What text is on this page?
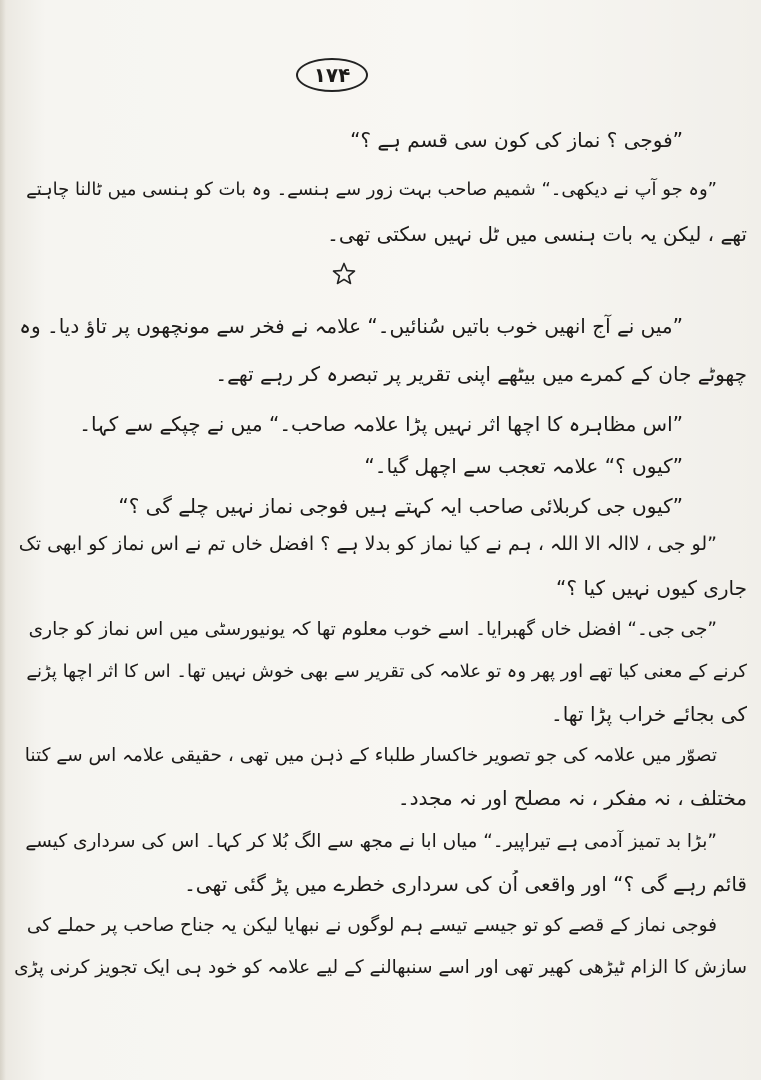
۱۷۴
”فوجی ؟ نماز کی کون سی قسم ہے ؟“
”وہ جو آپ نے دیکھی۔“ شمیم صاحب بہت زور سے ہنسے۔ وہ بات کو ہنسی میں ٹالنا چاہتے
تھے ، لیکن یہ بات ہنسی میں ٹل نہیں سکتی تھی۔
”میں نے آج انھیں خوب باتیں سُنائیں۔“ علامہ نے فخر سے مونچھوں پر تاؤ دیا۔ وہ
چھوٹے جان کے کمرے میں بیٹھے اپنی تقریر پر تبصرہ کر رہے تھے۔
”اس مظاہرہ کا اچھا اثر نہیں پڑا علامہ صاحب۔“ میں نے چپکے سے کہا۔
”کیوں ؟“ علامہ تعجب سے اچھل گیا۔“
”کیوں جی کربلائی صاحب ایہ کہتے ہیں فوجی نماز نہیں چلے گی ؟“
”لو جی ، لاالہ الا اللہ ، ہم نے کیا نماز کو بدلا ہے ؟ افضل خاں تم نے اس نماز کو ابھی تک
جاری کیوں نہیں کیا ؟“
”جی جی۔“ افضل خاں گھبرایا۔ اسے خوب معلوم تھا کہ یونیورسٹی میں اس نماز کو جاری
کرنے کے معنی کیا تھے اور پھر وہ تو علامہ کی تقریر سے بھی خوش نہیں تھا۔ اس کا اثر اچھا پڑنے
کی بجائے خراب پڑا تھا۔
تصوّر میں علامہ کی جو تصویر خاکسار طلباء کے ذہن میں تھی ، حقیقی علامہ اس سے کتنا
مختلف ، نہ مفکر ، نہ مصلح اور نہ مجدد۔
”بڑا بد تمیز آدمی ہے تیراپیر۔“ میاں ابا نے مجھ سے الگ بُلا کر کہا۔ اس کی سرداری کیسے
قائم رہے گی ؟“ اور واقعی اُن کی سرداری خطرے میں پڑ گئی تھی۔
فوجی نماز کے قصے کو تو جیسے تیسے ہم لوگوں نے نبھایا لیکن یہ جناح صاحب پر حملے کی
سازش کا الزام ٹیڑھی کھیر تھی اور اسے سنبھالنے کے لیے علامہ کو خود ہی ایک تجویز کرنی پڑی
